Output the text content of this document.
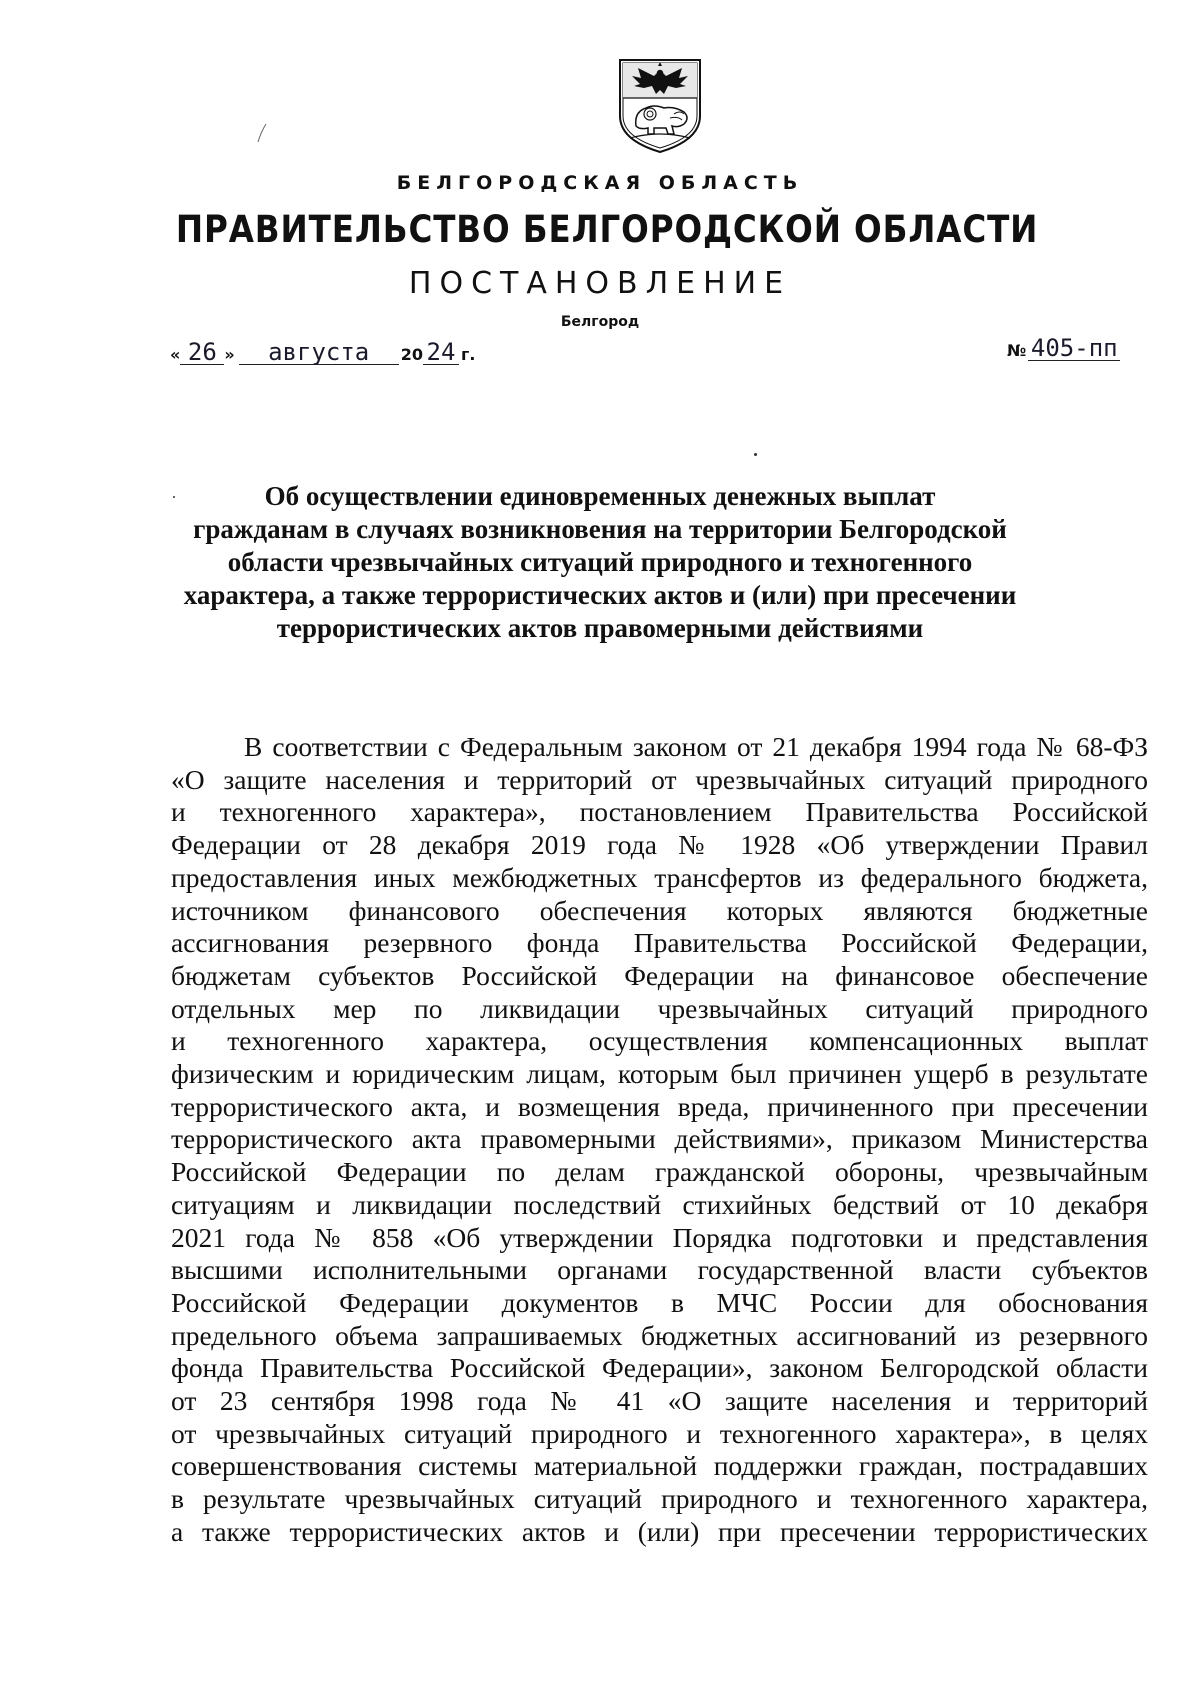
БЕЛГОРОДСКАЯ ОБЛАСТЬ
ПРАВИТЕЛЬСТВО БЕЛГОРОДСКОЙ ОБЛАСТИ
ПОСТАНОВЛЕНИЕ
Белгород
« 26 » августа 20 24 г.	№ 405-пп
Об осуществлении единовременных денежных выплат
гражданам в случаях возникновения на территории Белгородской
области чрезвычайных ситуаций природного и техногенного
характера, а также террористических актов и (или) при пресечении
террористических актов правомерными действиями
В соответствии с Федеральным законом от 21 декабря 1994 года № 68-ФЗ
«О защите населения и территорий от чрезвычайных ситуаций природного
и техногенного характера», постановлением Правительства Российской
Федерации от 28 декабря 2019 года № 1928 «Об утверждении Правил
предоставления иных межбюджетных трансфертов из федерального бюджета,
источником финансового обеспечения которых являются бюджетные
ассигнования резервного фонда Правительства Российской Федерации,
бюджетам субъектов Российской Федерации на финансовое обеспечение
отдельных мер по ликвидации чрезвычайных ситуаций природного
и техногенного характера, осуществления компенсационных выплат
физическим и юридическим лицам, которым был причинен ущерб в результате
террористического акта, и возмещения вреда, причиненного при пресечении
террористического акта правомерными действиями», приказом Министерства
Российской Федерации по делам гражданской обороны, чрезвычайным
ситуациям и ликвидации последствий стихийных бедствий от 10 декабря
2021 года № 858 «Об утверждении Порядка подготовки и представления
высшими исполнительными органами государственной власти субъектов
Российской Федерации документов в МЧС России для обоснования
предельного объема запрашиваемых бюджетных ассигнований из резервного
фонда Правительства Российской Федерации», законом Белгородской области
от 23 сентября 1998 года № 41 «О защите населения и территорий
от чрезвычайных ситуаций природного и техногенного характера», в целях
совершенствования системы материальной поддержки граждан, пострадавших
в результате чрезвычайных ситуаций природного и техногенного характера,
а также террористических актов и (или) при пресечении террористических
